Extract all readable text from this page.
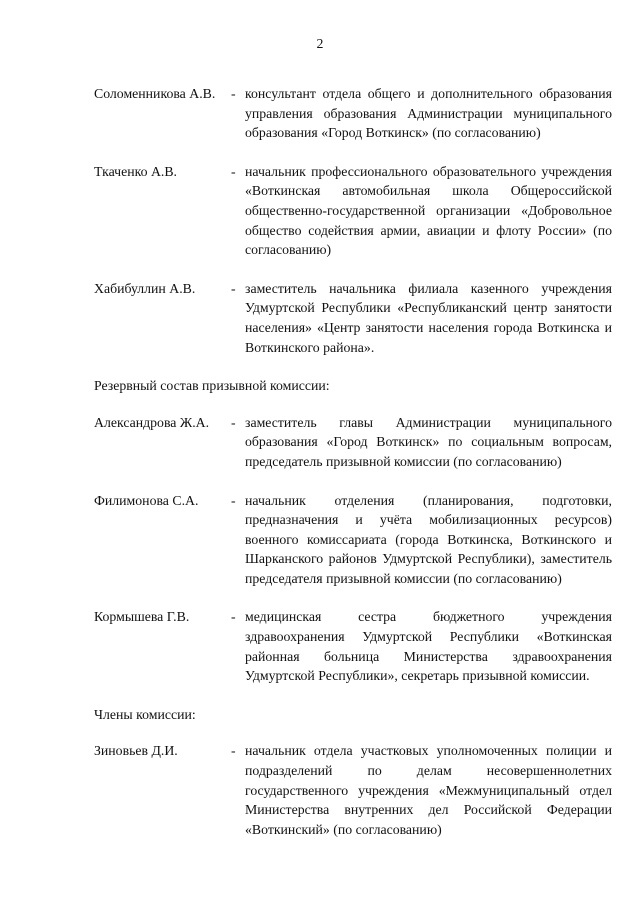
2
Соломенникова А.В.	- консультант отдела общего и дополнительного образования управления образования Администрации муниципального образования «Город Воткинск» (по согласованию)
Ткаченко А.В.	- начальник профессионального образовательного учреждения «Воткинская автомобильная школа Общероссийской общественно-государственной организации «Добровольное общество содействия армии, авиации и флоту России» (по согласованию)
Хабибуллин А.В.	- заместитель начальника филиала казенного учреждения Удмуртской Республики «Республиканский центр занятости населения» «Центр занятости населения города Воткинска и Воткинского района».
Резервный состав призывной комиссии:
Александрова Ж.А.	- заместитель главы Администрации муниципального образования «Город Воткинск» по социальным вопросам, председатель призывной комиссии (по согласованию)
Филимонова С.А.	- начальник отделения (планирования, подготовки, предназначения и учёта мобилизационных ресурсов) военного комиссариата (города Воткинска, Воткинского и Шарканского районов Удмуртской Республики), заместитель председателя призывной комиссии (по согласованию)
Кормышева Г.В.	- медицинская сестра бюджетного учреждения здравоохранения Удмуртской Республики «Воткинская районная больница Министерства здравоохранения Удмуртской Республики», секретарь призывной комиссии.
Члены комиссии:
Зиновьев Д.И.	- начальник отдела участковых уполномоченных полиции и подразделений по делам несовершеннолетних государственного учреждения «Межмуниципальный отдел Министерства внутренних дел Российской Федерации «Воткинский» (по согласованию)
